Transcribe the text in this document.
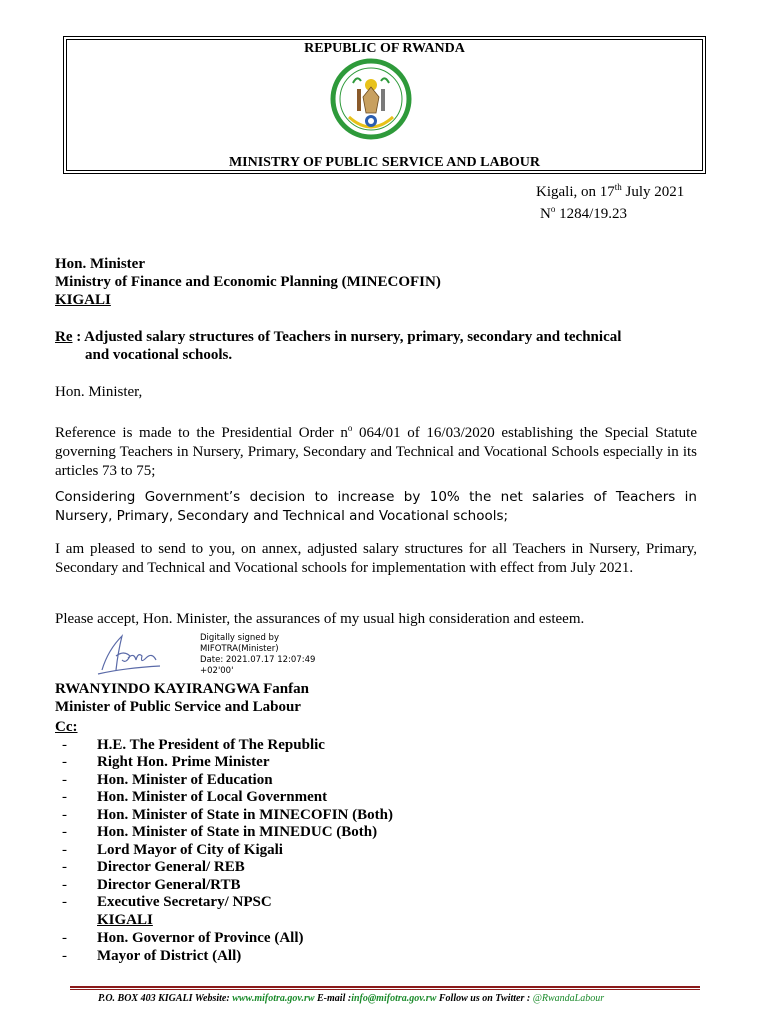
REPUBLIC OF RWANDA
MINISTRY OF PUBLIC SERVICE AND LABOUR
Kigali, on 17th July 2021
$N^o$ 1284/19.23
Hon. Minister
Ministry of Finance and Economic Planning (MINECOFIN)
KIGALI
Re : Adjusted salary structures of Teachers in nursery, primary, secondary and technical
and vocational schools.
Hon. Minister,
Reference is made to the Presidential Order $n^o$ 064/01 of 16/03/2020 establishing the Special Statute governing Teachers in Nursery, Primary, Secondary and Technical and Vocational Schools especially in its articles 73 to 75;
Considering Government’s decision to increase by 10% the net salaries of Teachers in Nursery, Primary, Secondary and Technical and Vocational schools;
I am pleased to send to you, on annex, adjusted salary structures for all Teachers in Nursery, Primary, Secondary and Technical and Vocational schools for implementation with effect from July 2021.
Please accept, Hon. Minister, the assurances of my usual high consideration and esteem.
Digitally signed by
MIFOTRA(Minister)
Date: 2021.07.17 12:07:49
+02'00'
RWANYINDO KAYIRANGWA Fanfan
Minister of Public Service and Labour
Cc:
- H.E. The President of The Republic
- Right Hon. Prime Minister
- Hon. Minister of Education
- Hon. Minister of Local Government
- Hon. Minister of State in MINECOFIN (Both)
- Hon. Minister of State in MINEDUC (Both)
- Lord Mayor of City of Kigali
- Director General/ REB
- Director General/RTB
- Executive Secretary/ NPSC
KIGALI
- Hon. Governor of Province (All)
- Mayor of District (All)
P.O. BOX 403 KIGALI Website: www.mifotra.gov.rw E-mail :info@mifotra.gov.rw Follow us on Twitter : @RwandaLabour
